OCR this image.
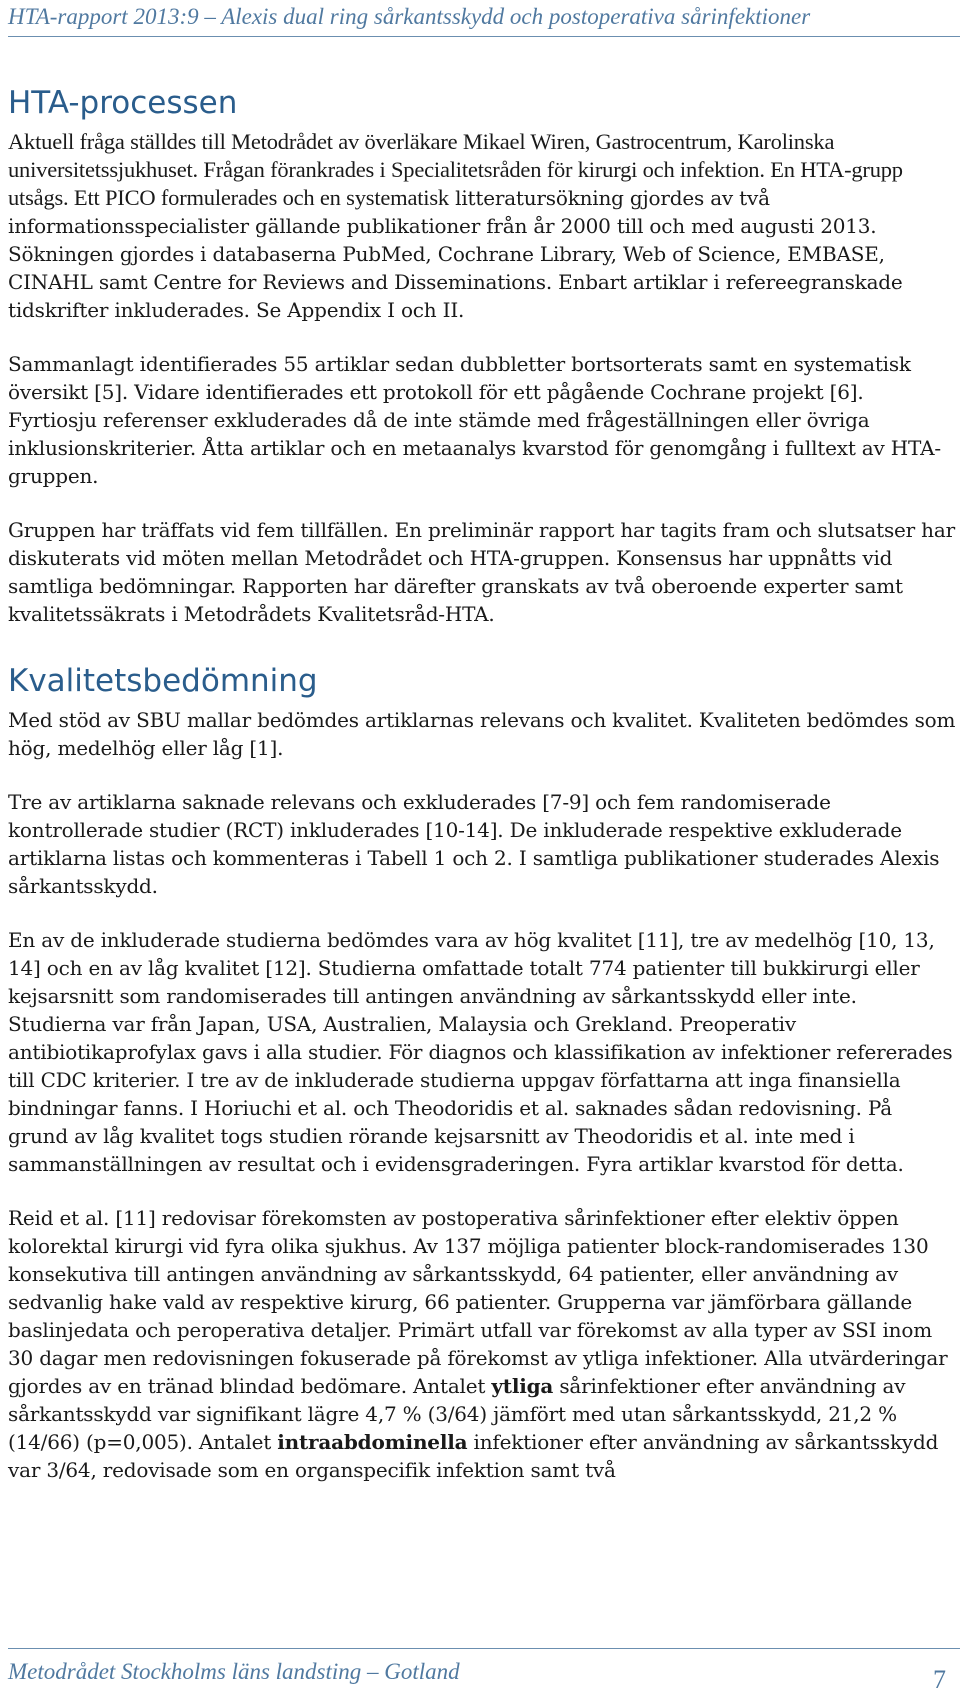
HTA-rapport 2013:9 – Alexis dual ring sårkantsskydd och postoperativa sårinfektioner
HTA-processen

Aktuell fråga ställdes till Metodrådet av överläkare Mikael Wiren, Gastrocentrum, Karolinska universitetssjukhuset. Frågan förankrades i Specialitetsråden för kirurgi och infektion. En HTA-grupp utsågs. Ett PICO formulerades och en systematisk litteratursökning gjordes av två informationsspecialister gällande publikationer från år 2000 till och med augusti 2013. Sökningen gjordes i databaserna PubMed, Cochrane Library, Web of Science, EMBASE, CINAHL samt Centre for Reviews and Disseminations. Enbart artiklar i refereegranskade tidskrifter inkluderades. Se Appendix I och II.

Sammanlagt identifierades 55 artiklar sedan dubbletter bortsorterats samt en systematisk översikt [5]. Vidare identifierades ett protokoll för ett pågående Cochrane projekt [6]. Fyrtiosju referenser exkluderades då de inte stämde med frågeställningen eller övriga inklusionskriterier. Åtta artiklar och en metaanalys kvarstod för genomgång i fulltext av HTA-gruppen.

Gruppen har träffats vid fem tillfällen. En preliminär rapport har tagits fram och slutsatser har diskuterats vid möten mellan Metodrådet och HTA-gruppen. Konsensus har uppnåtts vid samtliga bedömningar. Rapporten har därefter granskats av två oberoende experter samt kvalitetssäkrats i Metodrådets Kvalitetsråd-HTA.

Kvalitetsbedömning

Med stöd av SBU mallar bedömdes artiklarnas relevans och kvalitet. Kvaliteten bedömdes som hög, medelhög eller låg [1].

Tre av artiklarna saknade relevans och exkluderades [7-9] och fem randomiserade kontrollerade studier (RCT) inkluderades [10-14]. De inkluderade respektive exkluderade artiklarna listas och kommenteras i Tabell 1 och 2. I samtliga publikationer studerades Alexis sårkantsskydd.

En av de inkluderade studierna bedömdes vara av hög kvalitet [11], tre av medelhög [10, 13, 14] och en av låg kvalitet [12]. Studierna omfattade totalt 774 patienter till bukkirurgi eller kejsarsnitt som randomiserades till antingen användning av sårkantsskydd eller inte. Studierna var från Japan, USA, Australien, Malaysia och Grekland. Preoperativ antibiotikaprofylax gavs i alla studier. För diagnos och klassifikation av infektioner refererades till CDC kriterier. I tre av de inkluderade studierna uppgav författarna att inga finansiella bindningar fanns. I Horiuchi et al. och Theodoridis et al. saknades sådan redovisning. På grund av låg kvalitet togs studien rörande kejsarsnitt av Theodoridis et al. inte med i sammanställningen av resultat och i evidensgraderingen. Fyra artiklar kvarstod för detta.

Reid et al. [11] redovisar förekomsten av postoperativa sårinfektioner efter elektiv öppen kolorektal kirurgi vid fyra olika sjukhus. Av 137 möjliga patienter block-randomiserades 130 konsekutiva till antingen användning av sårkantsskydd, 64 patienter, eller användning av sedvanlig hake vald av respektive kirurg, 66 patienter. Grupperna var jämförbara gällande baslinjedata och peroperativa detaljer. Primärt utfall var förekomst av alla typer av SSI inom 30 dagar men redovisningen fokuserade på förekomst av ytliga infektioner. Alla utvärderingar gjordes av en tränad blindad bedömare. Antalet ytliga sårinfektioner efter användning av sårkantsskydd var signifikant lägre 4,7 % (3/64) jämfört med utan sårkantsskydd, 21,2 % (14/66) (p=0,005). Antalet intraabdominella infektioner efter användning av sårkantsskydd var 3/64, redovisade som en organspecifik infektion samt två

Metodrådet Stockholms läns landsting – Gotland	7
